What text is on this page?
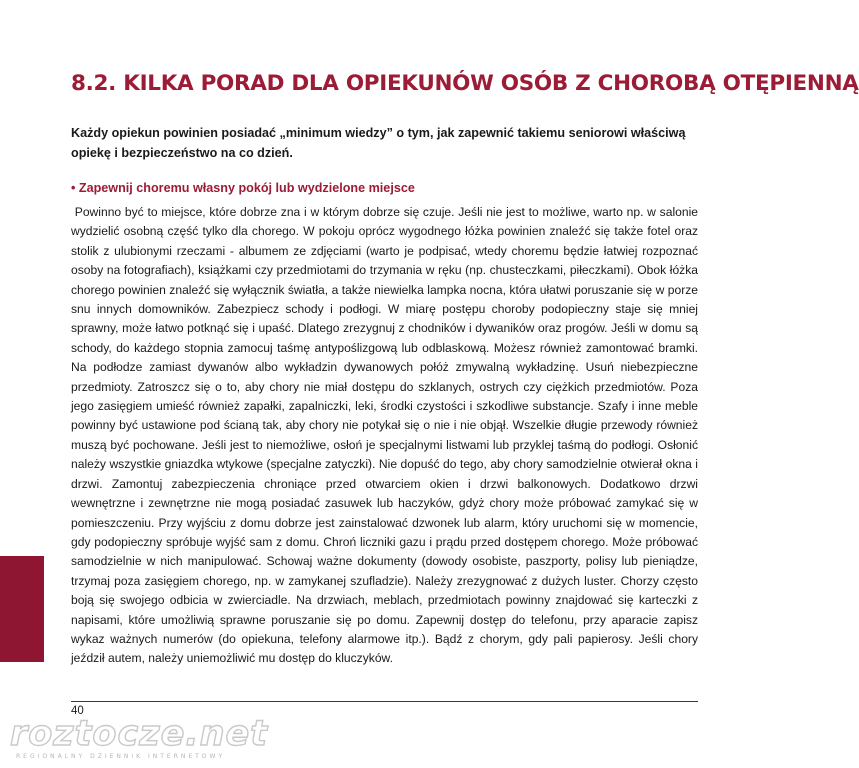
8.2. KILKA PORAD DLA OPIEKUNÓW OSÓB Z CHOROBĄ OTĘPIENNĄ

Każdy opiekun powinien posiadać „minimum wiedzy” o tym, jak zapewnić takiemu seniorowi właściwą opiekę i bezpieczeństwo na co dzień.

• Zapewnij choremu własny pokój lub wydzielone miejsce

Powinno być to miejsce, które dobrze zna i w którym dobrze się czuje. Jeśli nie jest to możliwe, warto np. w salonie wydzielić osobną część tylko dla chorego. W pokoju oprócz wygodnego łóżka powinien znaleźć się także fotel oraz stolik z ulubionymi rzeczami - albumem ze zdjęciami (warto je podpisać, wtedy choremu będzie łatwiej rozpoznać osoby na fotografiach), książkami czy przedmiotami do trzymania w ręku (np. chusteczkami, piłeczkami). Obok łóżka chorego powinien znaleźć się wyłącznik światła, a także niewielka lampka nocna, która ułatwi poruszanie się w porze snu innych domowników. Zabezpiecz schody i podłogi. W miarę postępu choroby podopieczny staje się mniej sprawny, może łatwo potknąć się i upaść. Dlatego zrezygnuj z chodników i dywaników oraz progów. Jeśli w domu są schody, do każdego stopnia zamocuj taśmę antypoślizgową lub odblaskową. Możesz również zamontować bramki. Na podłodze zamiast dywanów albo wykładzin dywanowych połóż zmywalną wykładzinę. Usuń niebezpieczne przedmioty. Zatroszcz się o to, aby chory nie miał dostępu do szklanych, ostrych czy ciężkich przedmiotów. Poza jego zasięgiem umieść również zapałki, zapalniczki, leki, środki czystości i szkodliwe substancje. Szafy i inne meble powinny być ustawione pod ścianą tak, aby chory nie potykał się o nie i nie objął. Wszelkie długie przewody również muszą być pochowane. Jeśli jest to niemożliwe, osłoń je specjalnymi listwami lub przyklej taśmą do podłogi. Osłonić należy wszystkie gniazdka wtykowe (specjalne zatyczki). Nie dopuść do tego, aby chory samodzielnie otwierał okna i drzwi. Zamontuj zabezpieczenia chroniące przed otwarciem okien i drzwi balkonowych. Dodatkowo drzwi wewnętrzne i zewnętrzne nie mogą posiadać zasuwek lub haczyków, gdyż chory może próbować zamykać się w pomieszczeniu. Przy wyjściu z domu dobrze jest zainstalować dzwonek lub alarm, który uruchomi się w momencie, gdy podopieczny spróbuje wyjść sam z domu. Chroń liczniki gazu i prądu przed dostępem chorego. Może próbować samodzielnie w nich manipulować. Schowaj ważne dokumenty (dowody osobiste, paszporty, polisy lub pieniądze, trzymaj poza zasięgiem chorego, np. w zamykanej szufladzie). Należy zrezygnować z dużych luster. Chorzy często boją się swojego odbicia w zwierciadle. Na drzwiach, meblach, przedmiotach powinny znajdować się karteczki z napisami, które umożliwią sprawne poruszanie się po domu. Zapewnij dostęp do telefonu, przy aparacie zapisz wykaz ważnych numerów (do opiekuna, telefony alarmowe itp.). Bądź z chorym, gdy pali papierosy. Jeśli chory jeździł autem, należy uniemożliwić mu dostęp do kluczyków.

40
roztocze.net
REGIONALNY DZIENNIK INTERNETOWY
